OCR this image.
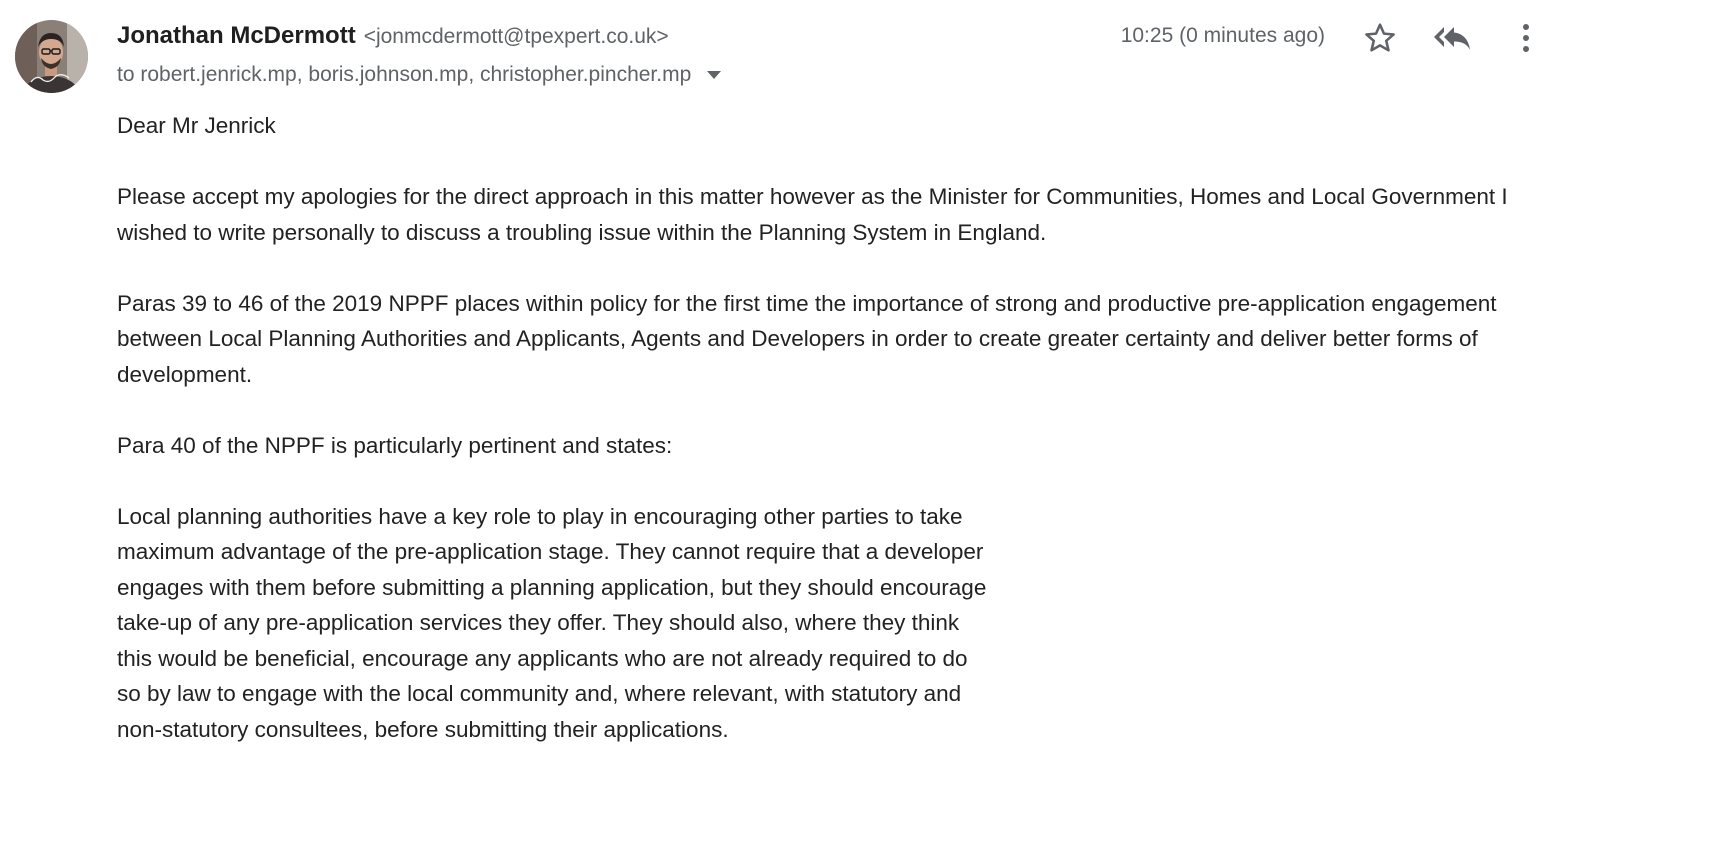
Jonathan McDermott <jonmcdermott@tpexpert.co.uk>
to robert.jenrick.mp, boris.johnson.mp, christopher.pincher.mp
10:25 (0 minutes ago)

Dear Mr Jenrick

Please accept my apologies for the direct approach in this matter however as the Minister for Communities, Homes and Local Government I wished to write personally to discuss a troubling issue within the Planning System in England.

Paras 39 to 46 of the 2019 NPPF places within policy for the first time the importance of strong and productive pre-application engagement between Local Planning Authorities and Applicants, Agents and Developers in order to create greater certainty and deliver better forms of development.

Para 40 of the NPPF is particularly pertinent and states:

Local planning authorities have a key role to play in encouraging other parties to take maximum advantage of the pre-application stage. They cannot require that a developer engages with them before submitting a planning application, but they should encourage take-up of any pre-application services they offer. They should also, where they think this would be beneficial, encourage any applicants who are not already required to do so by law to engage with the local community and, where relevant, with statutory and non-statutory consultees, before submitting their applications.
